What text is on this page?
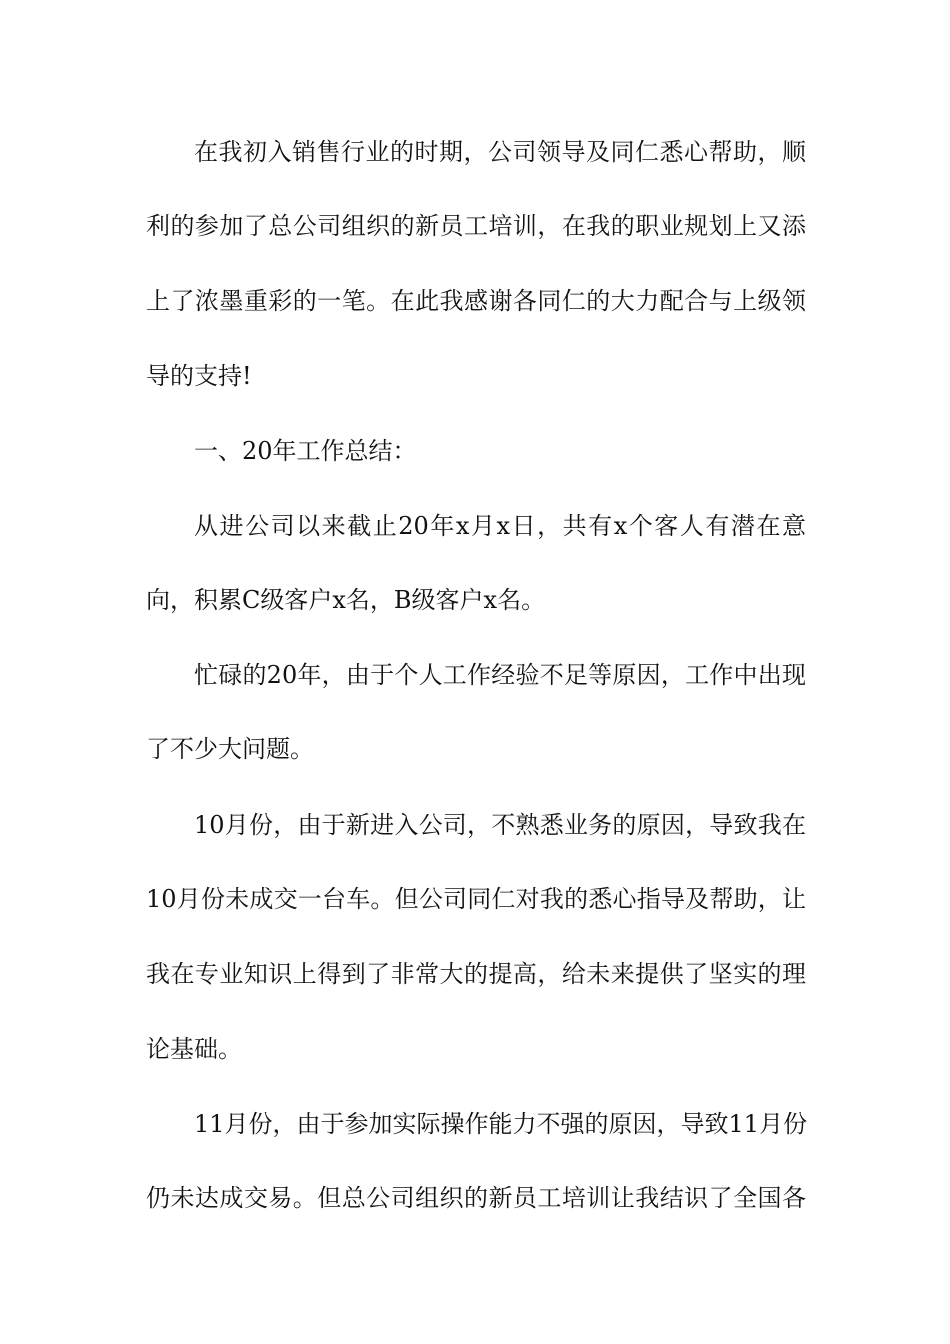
在我初入销售行业的时期，公司领导及同仁悉心帮助，顺
利的参加了总公司组织的新员工培训，在我的职业规划上又添
上了浓墨重彩的一笔。在此我感谢各同仁的大力配合与上级领
导的支持!
一、20年工作总结：
从进公司以来截止20年x月x日，共有x个客人有潜在意
向，积累C级客户x名，B级客户x名。
忙碌的20年，由于个人工作经验不足等原因，工作中出现
了不少大问题。
10月份，由于新进入公司，不熟悉业务的原因，导致我在
10月份未成交一台车。但公司同仁对我的悉心指导及帮助，让
我在专业知识上得到了非常大的提高，给未来提供了坚实的理
论基础。
11月份，由于参加实际操作能力不强的原因，导致11月份
仍未达成交易。但总公司组织的新员工培训让我结识了全国各
